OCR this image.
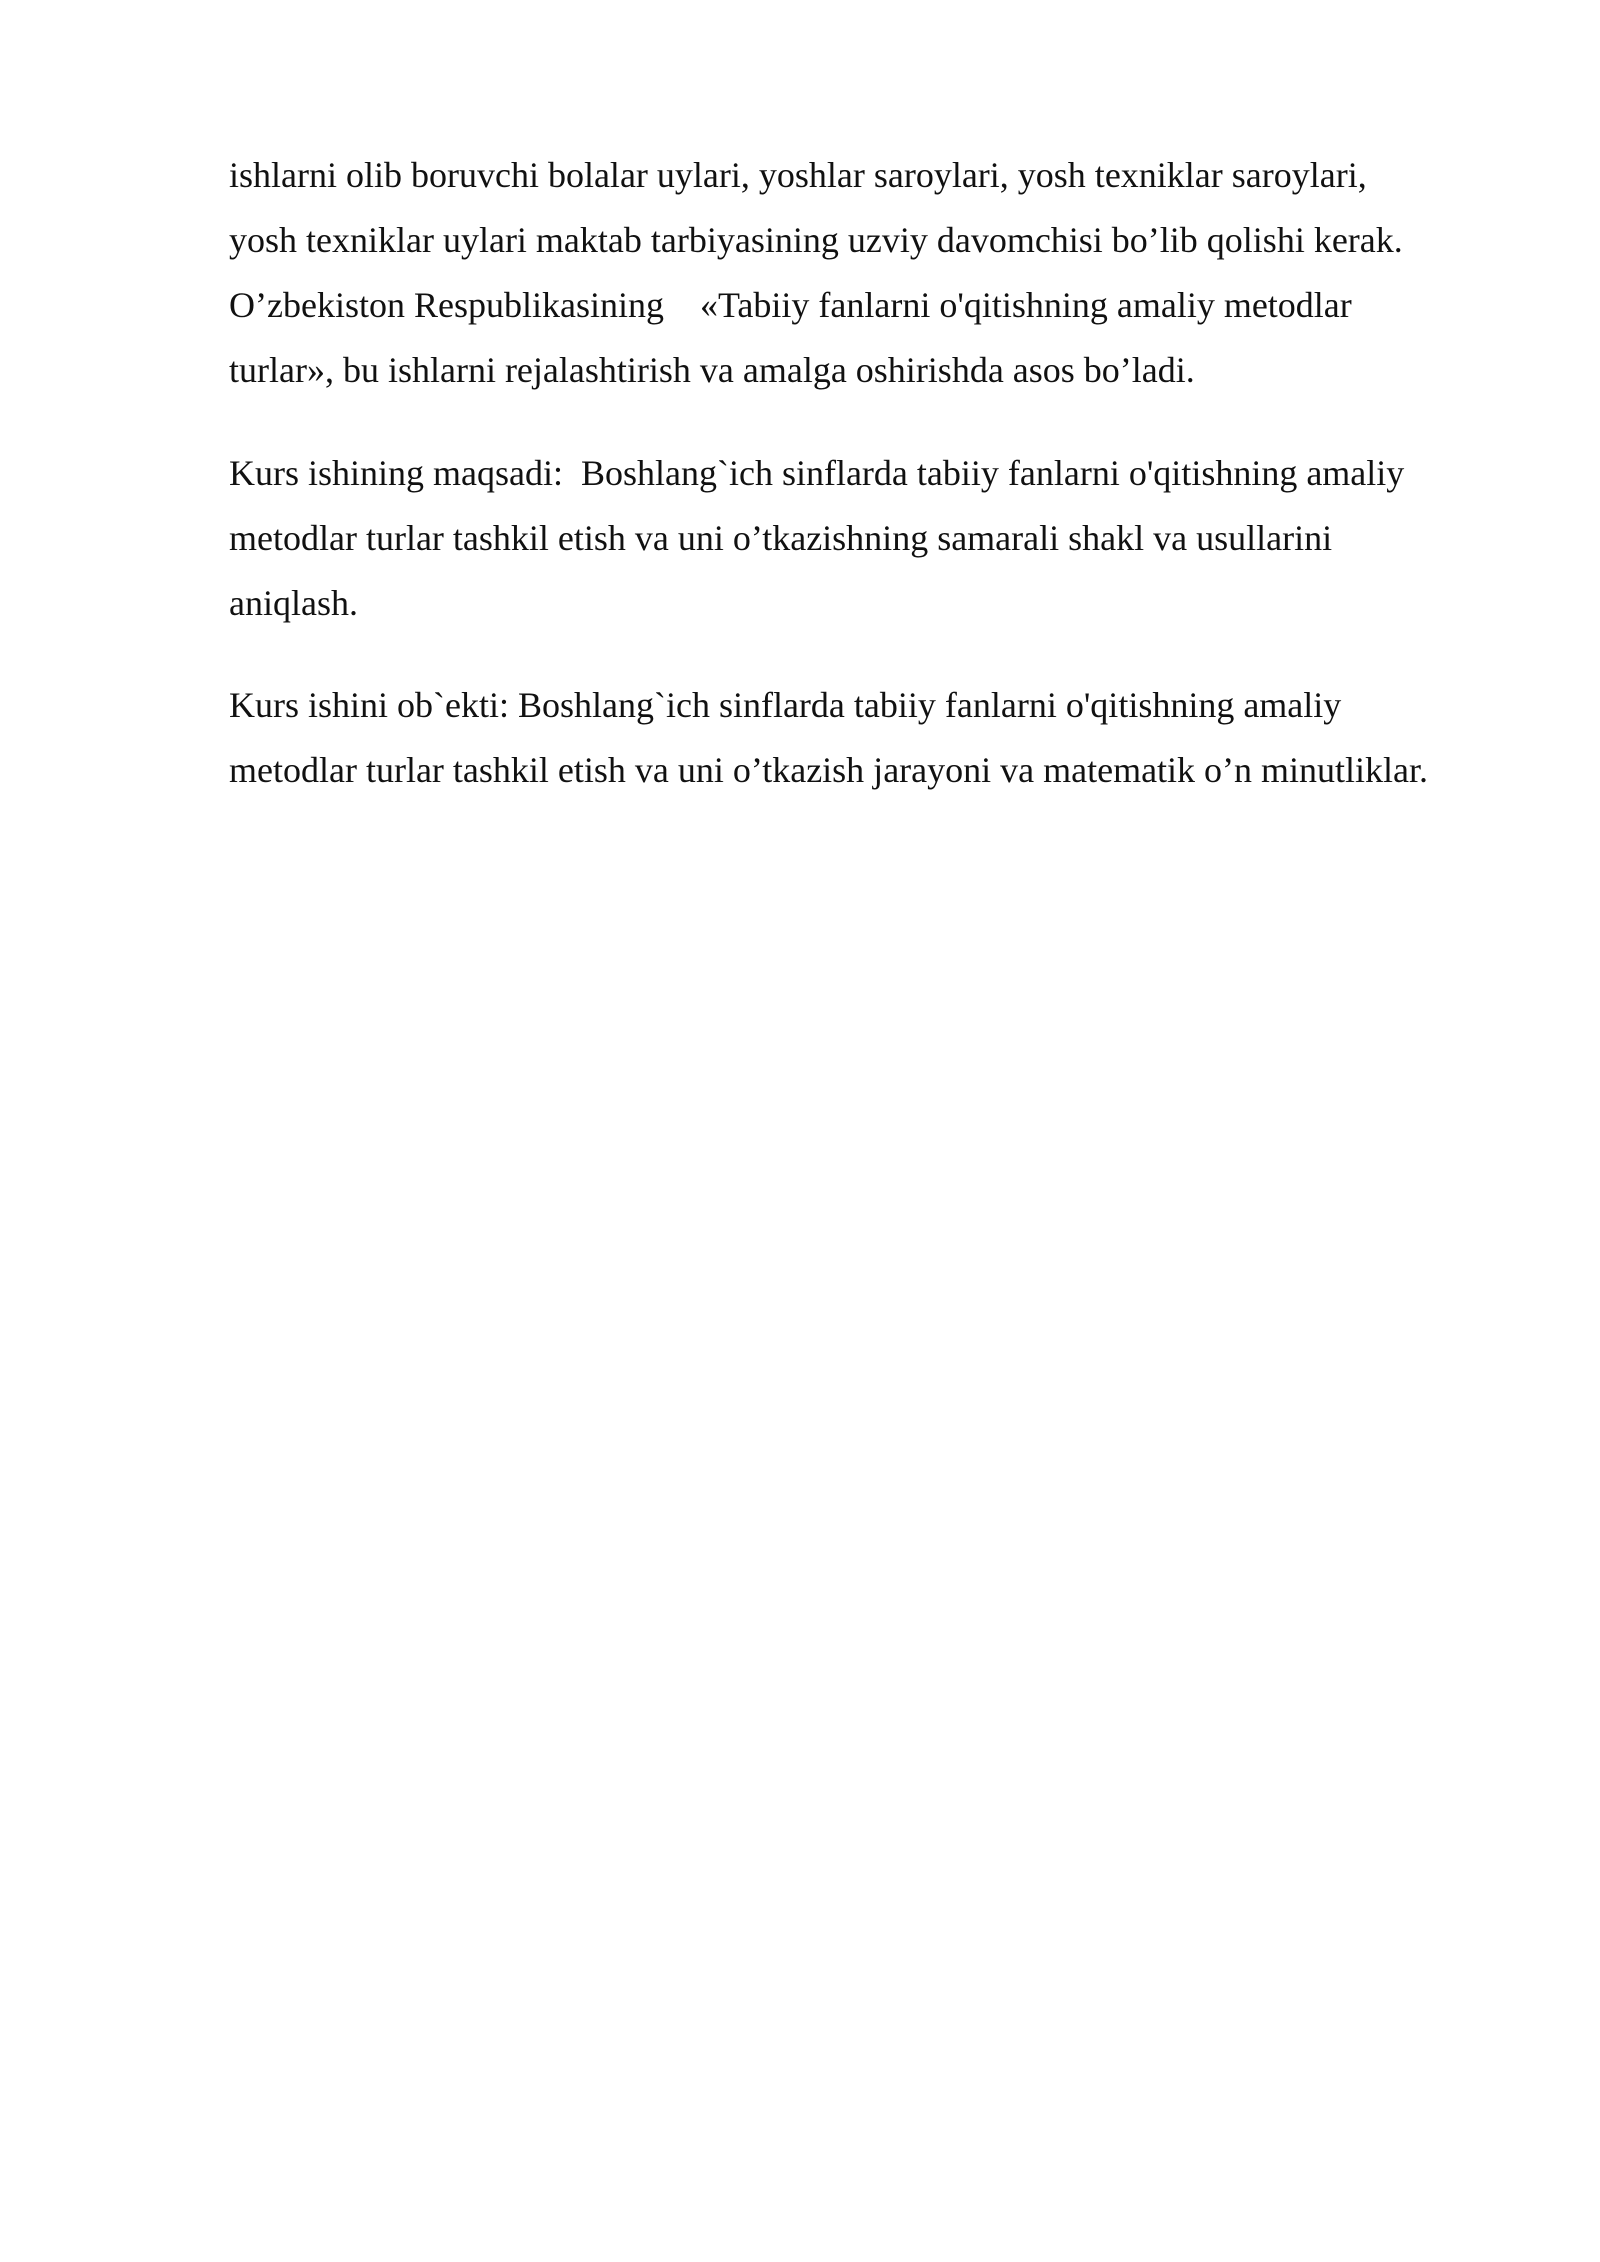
ishlarni olib boruvchi bolalar uylari, yoshlar saroylari, yosh texniklar saroylari,
yosh texniklar uylari maktab tarbiyasining uzviy davomchisi bo’lib qolishi kerak.
O’zbekiston Respublikasining    «Tabiiy fanlarni o'qitishning amaliy metodlar
turlar», bu ishlarni rejalashtirish va amalga oshirishda asos bo’ladi.
Kurs ishining maqsadi:  Boshlang`ich sinflarda tabiiy fanlarni o'qitishning amaliy
metodlar turlar tashkil etish va uni o’tkazishning samarali shakl va usullarini
aniqlash.
Kurs ishini ob`ekti: Boshlang`ich sinflarda tabiiy fanlarni o'qitishning amaliy
metodlar turlar tashkil etish va uni o’tkazish jarayoni va matematik o’n minutliklar.
